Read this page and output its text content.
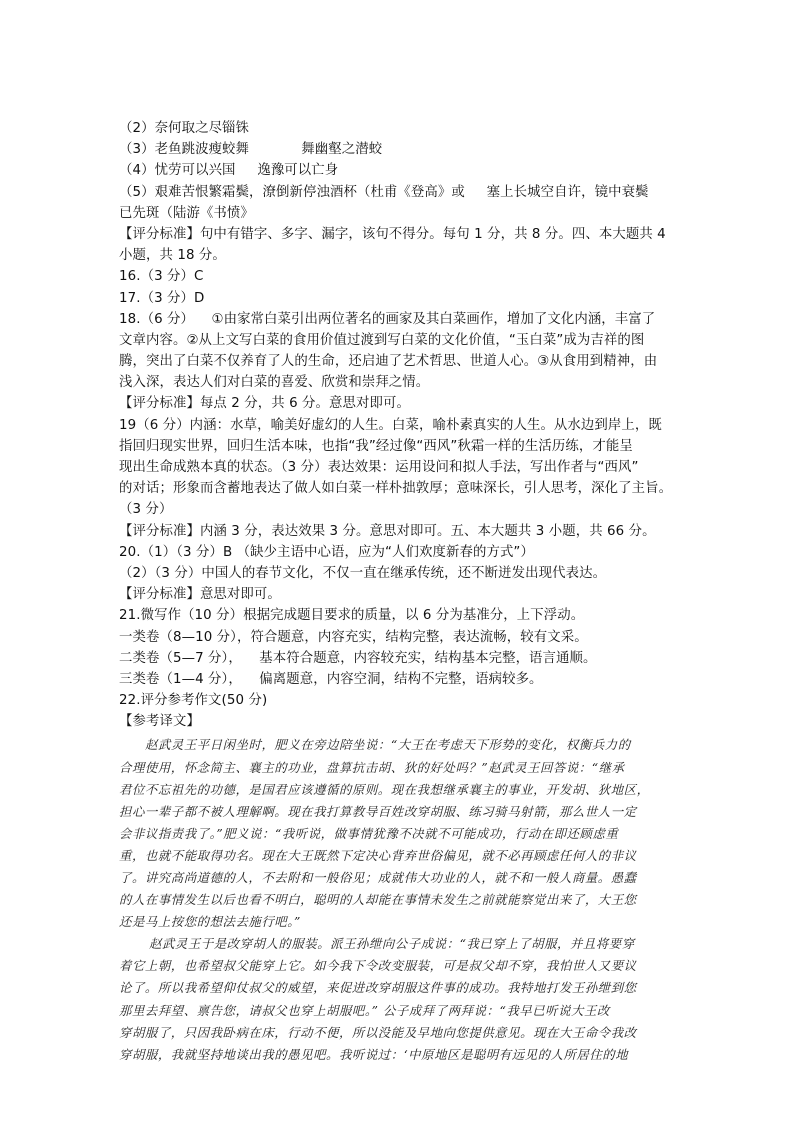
（2）奈何取之尽锱铢
（3）老鱼跳波瘦蛟舞            舞幽壑之潜蛟
（4）忧劳可以兴国     逸豫可以亡身
（5）艰难苦恨繁霜鬓，潦倒新停浊酒杯（杜甫《登高》或     塞上长城空自许，镜中衰鬓
已先斑（陆游《书愤》
【评分标准】句中有错字、多字、漏字，该句不得分。每句 1 分，共 8 分。四、本大题共 4
小题，共 18 分。
16.（3 分）C
17.（3 分）D
18.（6 分）    ①由家常白菜引出两位著名的画家及其白菜画作，增加了文化内涵，丰富了
文章内容。②从上文写白菜的食用价值过渡到写白菜的文化价值，“玉白菜”成为吉祥的图
腾，突出了白菜不仅养育了人的生命，还启迪了艺术哲思、世道人心。③从食用到精神，由
浅入深，表达人们对白菜的喜爱、欣赏和崇拜之情。
【评分标准】每点 2 分，共 6 分。意思对即可。
19（6 分）内涵：水草，喻美好虚幻的人生。白菜，喻朴素真实的人生。从水边到岸上，既
指回归现实世界，回归生活本味，也指“我”经过像“西风”秋霜一样的生活历练，才能呈
现出生命成熟本真的状态。（3 分）表达效果：运用设问和拟人手法，写出作者与“西风”
的对话；形象而含蓄地表达了做人如白菜一样朴拙敦厚；意味深长，引人思考，深化了主旨。
（3 分）
【评分标准】内涵 3 分，表达效果 3 分。意思对即可。五、本大题共 3 小题，共 66 分。
20.（1）（3 分）B （缺少主语中心语，应为“人们欢度新春的方式”）
（2）（3 分）中国人的春节文化，不仅一直在继承传统，还不断迸发出现代表达。
【评分标准】意思对即可。
21.微写作（10 分）根据完成题目要求的质量，以 6 分为基准分，上下浮动。
一类卷（8—10 分），符合题意，内容充实，结构完整，表达流畅，较有文采。
二类卷（5—7 分），    基本符合题意，内容较充实，结构基本完整，语言通顺。
三类卷（1—4 分），    偏离题意，内容空洞，结构不完整，语病较多。
22.评分参考作文(50 分)
【参考译文】
赵武灵王平日闲坐时，肥义在旁边陪坐说：“大王在考虑天下形势的变化，权衡兵力的
合理使用，怀念简主、襄主的功业，盘算抗击胡、狄的好处吗？”赵武灵王回答说：“继承
君位不忘祖先的功德，是国君应该遵循的原则。现在我想继承襄主的事业，开发胡、狄地区，
担心一辈子都不被人理解啊。现在我打算教导百姓改穿胡服、练习骑马射箭，那么世人一定
会非议指责我了。”肥义说：“我听说，做事情犹豫不决就不可能成功，行动在即还顾虑重
重，也就不能取得功名。现在大王既然下定决心背弃世俗偏见，就不必再顾虑任何人的非议
了。讲究高尚道德的人，不去附和一般俗见；成就伟大功业的人，就不和一般人商量。愚蠢
的人在事情发生以后也看不明白，聪明的人却能在事情未发生之前就能察觉出来了，大王您
还是马上按您的想法去施行吧。”
赵武灵王于是改穿胡人的服装。派王孙绁向公子成说：“我已穿上了胡服，并且将要穿
着它上朝，也希望叔父能穿上它。如今我下令改变服装，可是叔父却不穿，我怕世人又要议
论了。所以我希望仰仗叔父的威望，来促进改穿胡服这件事的成功。我特地打发王孙绁到您
那里去拜望、禀告您，请叔父也穿上胡服吧。” 公子成拜了两拜说：“我早已听说大王改
穿胡服了，只因我卧病在床，行动不便，所以没能及早地向您提供意见。现在大王命令我改
穿胡服，我就坚持地谈出我的愚见吧。我听说过：‘中原地区是聪明有远见的人所居住的地
